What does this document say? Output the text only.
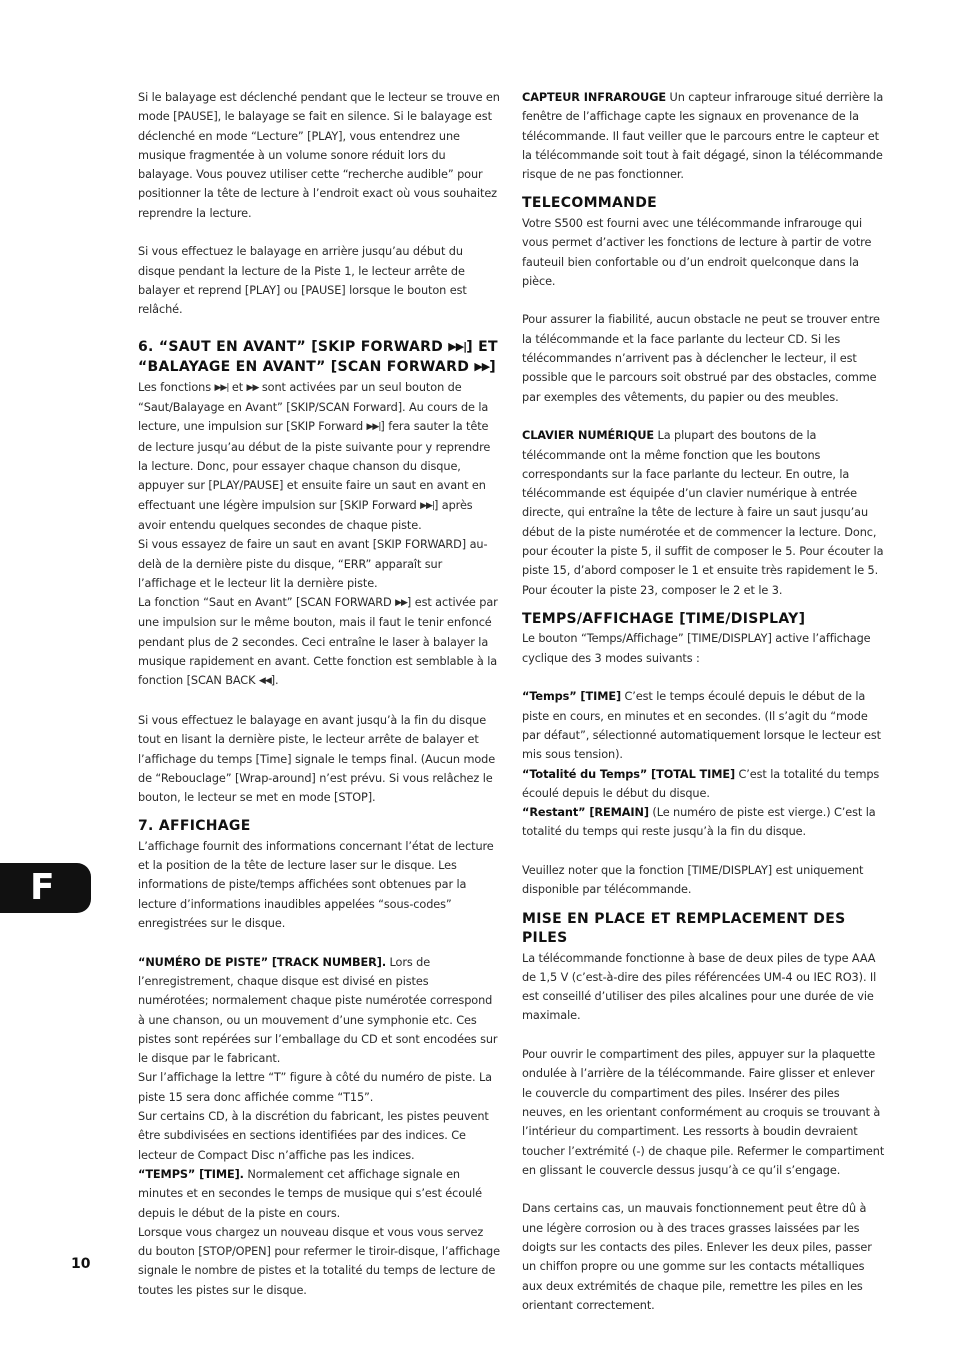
Si le balayage est déclenché pendant que le lecteur se trouve en mode [PAUSE], le balayage se fait en silence. Si le balayage est déclenché en mode “Lecture” [PLAY], vous entendrez une musique fragmentée à un volume sonore réduit lors du balayage. Vous pouvez utiliser cette “recherche audible” pour positionner la tête de lecture à l’endroit exact où vous souhaitez reprendre la lecture.

Si vous effectuez le balayage en arrière jusqu’au début du disque pendant la lecture de la Piste 1, le lecteur arrête de balayer et reprend [PLAY] ou [PAUSE] lorsque le bouton est relâché.

6. “SAUT EN AVANT” [SKIP FORWARD ▶▶|] ET “BALAYAGE EN AVANT” [SCAN FORWARD ▶▶]

Les fonctions ▶▶| et ▶▶ sont activées par un seul bouton de “Saut/Balayage en Avant” [SKIP/SCAN Forward]. Au cours de la lecture, une impulsion sur [SKIP Forward ▶▶|] fera sauter la tête de lecture jusqu’au début de la piste suivante pour y reprendre la lecture. Donc, pour essayer chaque chanson du disque, appuyer sur [PLAY/PAUSE] et ensuite faire un saut en avant en effectuant une légère impulsion sur [SKIP Forward ▶▶|] après avoir entendu quelques secondes de chaque piste.

Si vous essayez de faire un saut en avant [SKIP FORWARD] au-delà de la dernière piste du disque, “ERR” apparaît sur l’affichage et le lecteur lit la dernière piste.

La fonction “Saut en Avant” [SCAN FORWARD ▶▶] est activée par une impulsion sur le même bouton, mais il faut le tenir enfoncé pendant plus de 2 secondes. Ceci entraîne le laser à balayer la musique rapidement en avant. Cette fonction est semblable à la fonction [SCAN BACK ◀◀].

Si vous effectuez le balayage en avant jusqu’à la fin du disque tout en lisant la dernière piste, le lecteur arrête de balayer et l’affichage du temps [Time] signale le temps final. (Aucun mode de “Rebouclage” [Wrap-around] n’est prévu. Si vous relâchez le bouton, le lecteur se met en mode [STOP].

7. AFFICHAGE

L’affichage fournit des informations concernant l’état de lecture et la position de la tête de lecture laser sur le disque. Les informations de piste/temps affichées sont obtenues par la lecture d’informations inaudibles appelées “sous-codes” enregistrées sur le disque.

“NUMÉRO DE PISTE” [TRACK NUMBER]. Lors de l’enregistrement, chaque disque est divisé en pistes numérotées; normalement chaque piste numérotée correspond à une chanson, ou un mouvement d’une symphonie etc. Ces pistes sont repérées sur l’emballage du CD et sont encodées sur le disque par le fabricant.

Sur l’affichage la lettre “T” figure à côté du numéro de piste. La piste 15 sera donc affichée comme “T15”.

Sur certains CD, à la discrétion du fabricant, les pistes peuvent être subdivisées en sections identifiées par des indices. Ce lecteur de Compact Disc n’affiche pas les indices.

“TEMPS” [TIME]. Normalement cet affichage signale en minutes et en secondes le temps de musique qui s’est écoulé depuis le début de la piste en cours.

Lorsque vous chargez un nouveau disque et vous vous servez du bouton [STOP/OPEN] pour refermer le tiroir-disque, l’affichage signale le nombre de pistes et la totalité du temps de lecture de toutes les pistes sur le disque.

CAPTEUR INFRAROUGE Un capteur infrarouge situé derrière la fenêtre de l’affichage capte les signaux en provenance de la télécommande. Il faut veiller que le parcours entre le capteur et la télécommande soit tout à fait dégagé, sinon la télécommande risque de ne pas fonctionner.

TELECOMMANDE

Votre S500 est fourni avec une télécommande infrarouge qui vous permet d’activer les fonctions de lecture à partir de votre fauteuil bien confortable ou d’un endroit quelconque dans la pièce.

Pour assurer la fiabilité, aucun obstacle ne peut se trouver entre la télécommande et la face parlante du lecteur CD. Si les télécommandes n’arrivent pas à déclencher le lecteur, il est possible que le parcours soit obstrué par des obstacles, comme par exemples des vêtements, du papier ou des meubles.

CLAVIER NUMÉRIQUE La plupart des boutons de la télécommande ont la même fonction que les boutons correspondants sur la face parlante du lecteur. En outre, la télécommande est équipée d’un clavier numérique à entrée directe, qui entraîne la tête de lecture à faire un saut jusqu’au début de la piste numérotée et de commencer la lecture. Donc, pour écouter la piste 5, il suffit de composer le 5. Pour écouter la piste 15, d’abord composer le 1 et ensuite très rapidement le 5. Pour écouter la piste 23, composer le 2 et le 3.

TEMPS/AFFICHAGE [TIME/DISPLAY]

Le bouton “Temps/Affichage” [TIME/DISPLAY] active l’affichage cyclique des 3 modes suivants :

“Temps” [TIME] C’est le temps écoulé depuis le début de la piste en cours, en minutes et en secondes. (Il s’agit du “mode par défaut”, sélectionné automatiquement lorsque le lecteur est mis sous tension).

“Totalité du Temps” [TOTAL TIME] C’est la totalité du temps écoulé depuis le début du disque.

“Restant” [REMAIN] (Le numéro de piste est vierge.) C’est la totalité du temps qui reste jusqu’à la fin du disque.

Veuillez noter que la fonction [TIME/DISPLAY] est uniquement disponible par télécommande.

MISE EN PLACE ET REMPLACEMENT DES PILES

La télécommande fonctionne à base de deux piles de type AAA de 1,5 V (c’est-à-dire des piles référencées UM-4 ou IEC RO3). Il est conseillé d’utiliser des piles alcalines pour une durée de vie maximale.

Pour ouvrir le compartiment des piles, appuyer sur la plaquette ondulée à l’arrière de la télécommande. Faire glisser et enlever le couvercle du compartiment des piles. Insérer des piles neuves, en les orientant conformément au croquis se trouvant à l’intérieur du compartiment. Les ressorts à boudin devraient toucher l’extrémité (-) de chaque pile. Refermer le compartiment en glissant le couvercle dessus jusqu’à ce qu’il s’engage.

Dans certains cas, un mauvais fonctionnement peut être dû à une légère corrosion ou à des traces grasses laissées par les doigts sur les contacts des piles. Enlever les deux piles, passer un chiffon propre ou une gomme sur les contacts métalliques aux deux extrémités de chaque pile, remettre les piles en les orientant correctement.

F
10
